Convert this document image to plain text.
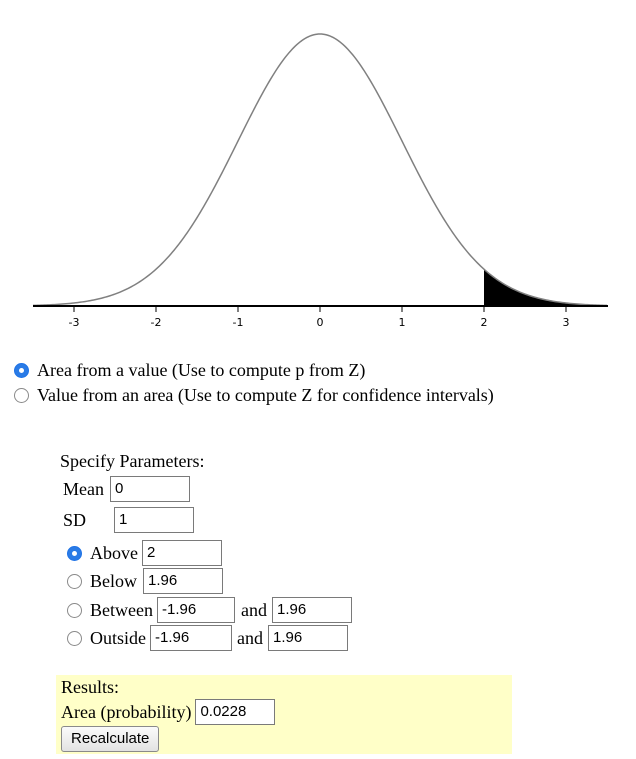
-3	-2	-1	0	1	2	3
Area from a value (Use to compute p from Z)
Value from an area (Use to compute Z for confidence intervals)
Specify Parameters:
Mean 0
SD	1
Above 2
Below 1.96
Between -1.96	and 1.96
Outside -1.96	and 1.96
Results:
Area (probability) 0.0228
Recalculate
